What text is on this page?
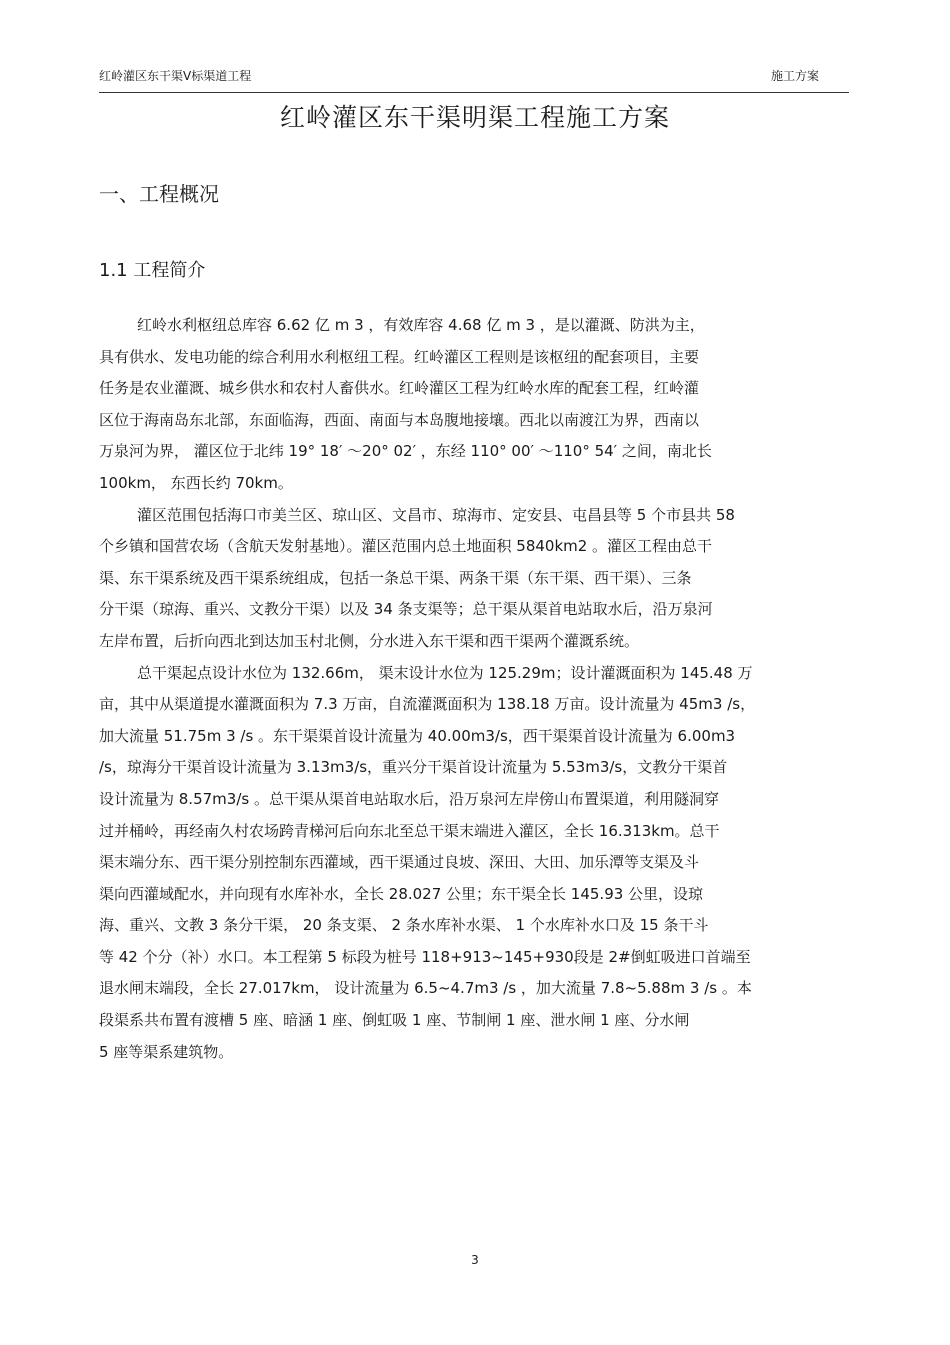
红岭灌区东干渠Ⅴ标渠道工程	施工方案
红岭灌区东干渠明渠工程施工方案
一、工程概况
1.1 工程简介
红岭水利枢纽总库容 6.62 亿 m 3 ，有效库容 4.68 亿 m 3 ，是以灌溉、防洪为主，
具有供水、发电功能的综合利用水利枢纽工程。红岭灌区工程则是该枢纽的配套项目，主要
任务是农业灌溉、城乡供水和农村人畜供水。红岭灌区工程为红岭水库的配套工程，红岭灌
区位于海南岛东北部，东面临海，西面、南面与本岛腹地接壤。西北以南渡江为界，西南以
万泉河为界， 灌区位于北纬 19° 18′ ～20° 02′ ，东经 110° 00′ ～110° 54′ 之间，南北长
100km， 东西长约 70km。
灌区范围包括海口市美兰区、琼山区、文昌市、琼海市、定安县、屯昌县等 5 个市县共 58
个乡镇和国营农场（含航天发射基地）。灌区范围内总土地面积 5840km2 。灌区工程由总干
渠、东干渠系统及西干渠系统组成，包括一条总干渠、两条干渠（东干渠、西干渠）、三条
分干渠（琼海、重兴、文教分干渠）以及 34 条支渠等；总干渠从渠首电站取水后，沿万泉河
左岸布置，后折向西北到达加玉村北侧，分水进入东干渠和西干渠两个灌溉系统。
总干渠起点设计水位为 132.66m， 渠末设计水位为 125.29m；设计灌溉面积为 145.48 万
亩，其中从渠道提水灌溉面积为 7.3 万亩，自流灌溉面积为 138.18 万亩。设计流量为 45m3 /s，
加大流量 51.75m 3 /s 。东干渠渠首设计流量为 40.00m3/s，西干渠渠首设计流量为 6.00m3
/s，琼海分干渠首设计流量为 3.13m3/s，重兴分干渠首设计流量为 5.53m3/s，文教分干渠首
设计流量为 8.57m3/s 。总干渠从渠首电站取水后，沿万泉河左岸傍山布置渠道，利用隧洞穿
过并桶岭，再经南久村农场跨青梯河后向东北至总干渠末端进入灌区，全长 16.313km。总干
渠末端分东、西干渠分别控制东西灌域，西干渠通过良坡、深田、大田、加乐潭等支渠及斗
渠向西灌域配水，并向现有水库补水，全长 28.027 公里；东干渠全长 145.93 公里，设琼
海、重兴、文教 3 条分干渠， 20 条支渠、 2 条水库补水渠、 1 个水库补水口及 15 条干斗
等 42 个分（补）水口。本工程第 5 标段为桩号 118+913~145+930段是 2#倒虹吸进口首端至
退水闸末端段，全长 27.017km， 设计流量为 6.5~4.7m3 /s ，加大流量 7.8~5.88m 3 /s 。本
段渠系共布置有渡槽 5 座、暗涵 1 座、倒虹吸 1 座、节制闸 1 座、泄水闸 1 座、分水闸
5 座等渠系建筑物。
3
